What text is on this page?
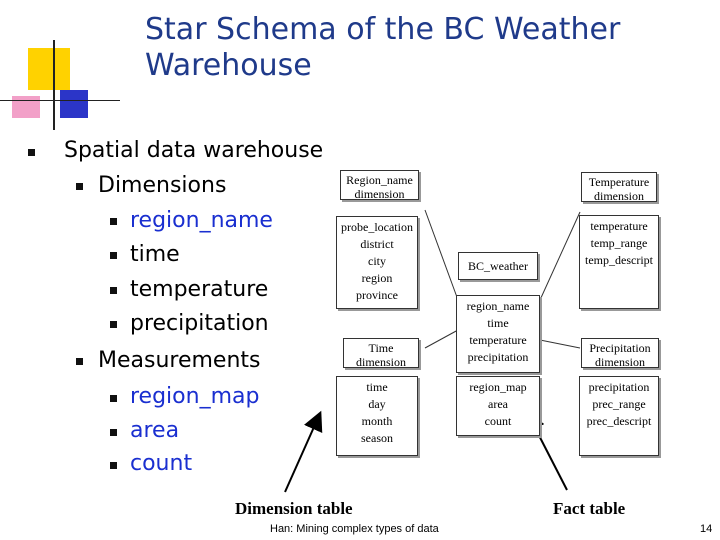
Star Schema of the BC Weather
Warehouse
Spatial data warehouse
Dimensions
region_name
time
temperature
precipitation
Measurements
region_map
area
count
Region_name
dimension
probe_location
district
city
region
province
Time
dimension
time
day
month
season
BC_weather
region_name
time
temperature
precipitation
region_map
area
count
Temperature
dimension
temperature
temp_range
temp_descript
Precipitation
dimension
precipitation
prec_range
prec_descript
Dimension table	Fact table
Han: Mining complex types of data	14
